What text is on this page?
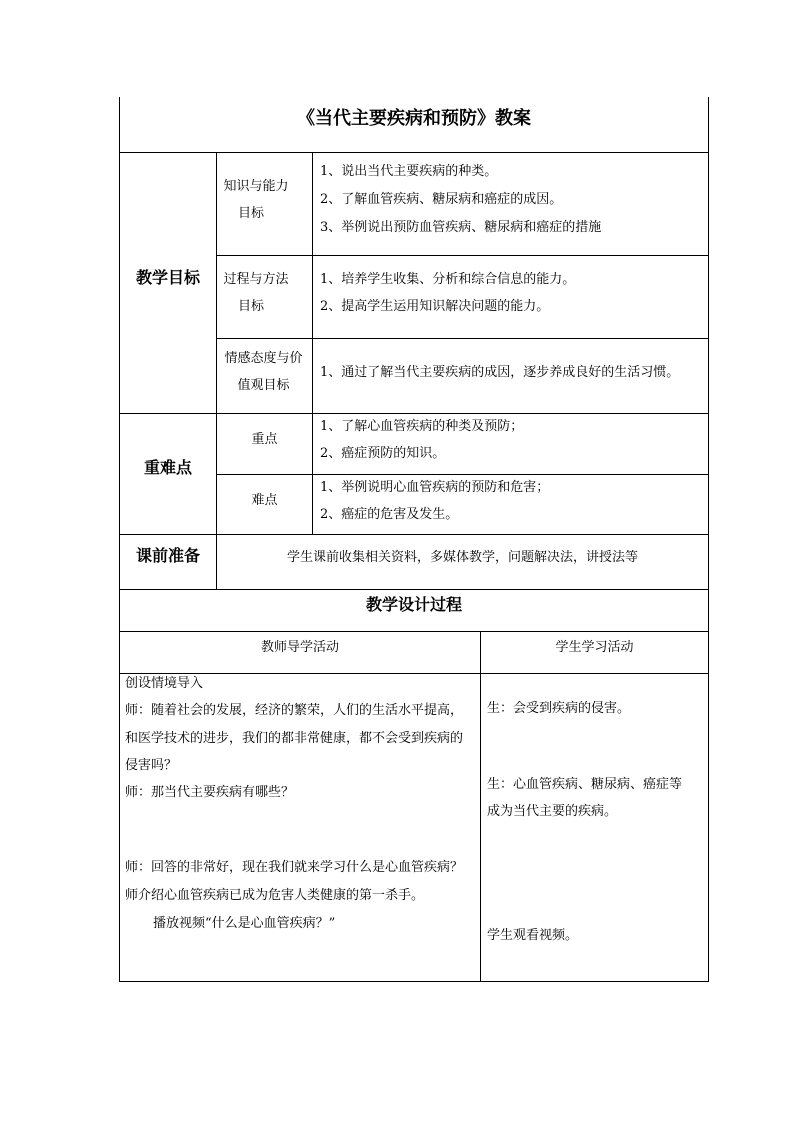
《当代主要疾病和预防》教案
教学目标
知识与能力
目标
1、说出当代主要疾病的种类。
2、了解血管疾病、糖尿病和癌症的成因。
3、举例说出预防血管疾病、糖尿病和癌症的措施
过程与方法
目标
1、培养学生收集、分析和综合信息的能力。
2、提高学生运用知识解决问题的能力。
情感态度与价
值观目标
1、通过了解当代主要疾病的成因，逐步养成良好的生活习惯。
重难点
重点
1、了解心血管疾病的种类及预防；
2、癌症预防的知识。
难点
1、举例说明心血管疾病的预防和危害；
2、癌症的危害及发生。
课前准备	学生课前收集相关资料，多媒体教学，问题解决法，讲授法等
教学设计过程
教师导学活动	学生学习活动
创设情境导入
师：随着社会的发展，经济的繁荣，人们的生活水平提高，
和医学技术的进步，我们的都非常健康，都不会受到疾病的
侵害吗？
师：那当代主要疾病有哪些？
师：回答的非常好，现在我们就来学习什么是心血管疾病？
师介绍心血管疾病已成为危害人类健康的第一杀手。
播放视频“什么是心血管疾病？”
生：会受到疾病的侵害。
生：心血管疾病、糖尿病、癌症等
成为当代主要的疾病。
学生观看视频。
